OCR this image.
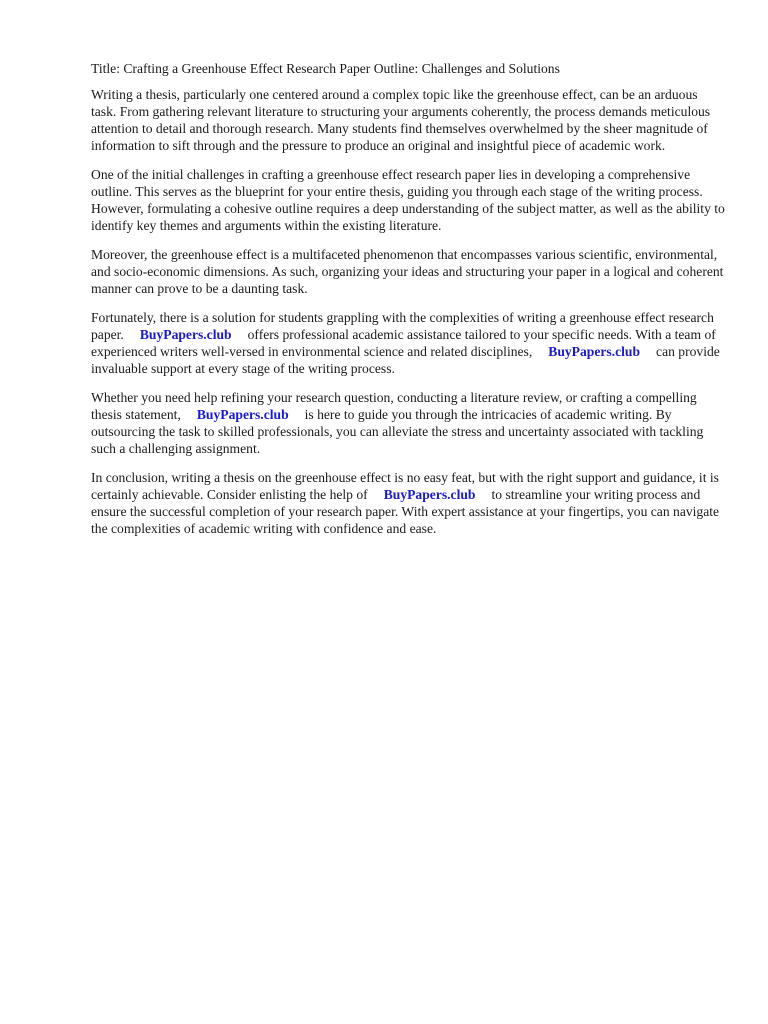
Title: Crafting a Greenhouse Effect Research Paper Outline: Challenges and Solutions

Writing a thesis, particularly one centered around a complex topic like the greenhouse effect, can be an arduous task. From gathering relevant literature to structuring your arguments coherently, the process demands meticulous attention to detail and thorough research. Many students find themselves overwhelmed by the sheer magnitude of information to sift through and the pressure to produce an original and insightful piece of academic work.

One of the initial challenges in crafting a greenhouse effect research paper lies in developing a comprehensive outline. This serves as the blueprint for your entire thesis, guiding you through each stage of the writing process. However, formulating a cohesive outline requires a deep understanding of the subject matter, as well as the ability to identify key themes and arguments within the existing literature.

Moreover, the greenhouse effect is a multifaceted phenomenon that encompasses various scientific, environmental, and socio-economic dimensions. As such, organizing your ideas and structuring your paper in a logical and coherent manner can prove to be a daunting task.

Fortunately, there is a solution for students grappling with the complexities of writing a greenhouse effect research paper. BuyPapers.club offers professional academic assistance tailored to your specific needs. With a team of experienced writers well-versed in environmental science and related disciplines, BuyPapers.club can provide invaluable support at every stage of the writing process.

Whether you need help refining your research question, conducting a literature review, or crafting a compelling thesis statement, BuyPapers.club is here to guide you through the intricacies of academic writing. By outsourcing the task to skilled professionals, you can alleviate the stress and uncertainty associated with tackling such a challenging assignment.

In conclusion, writing a thesis on the greenhouse effect is no easy feat, but with the right support and guidance, it is certainly achievable. Consider enlisting the help of BuyPapers.club to streamline your writing process and ensure the successful completion of your research paper. With expert assistance at your fingertips, you can navigate the complexities of academic writing with confidence and ease.
